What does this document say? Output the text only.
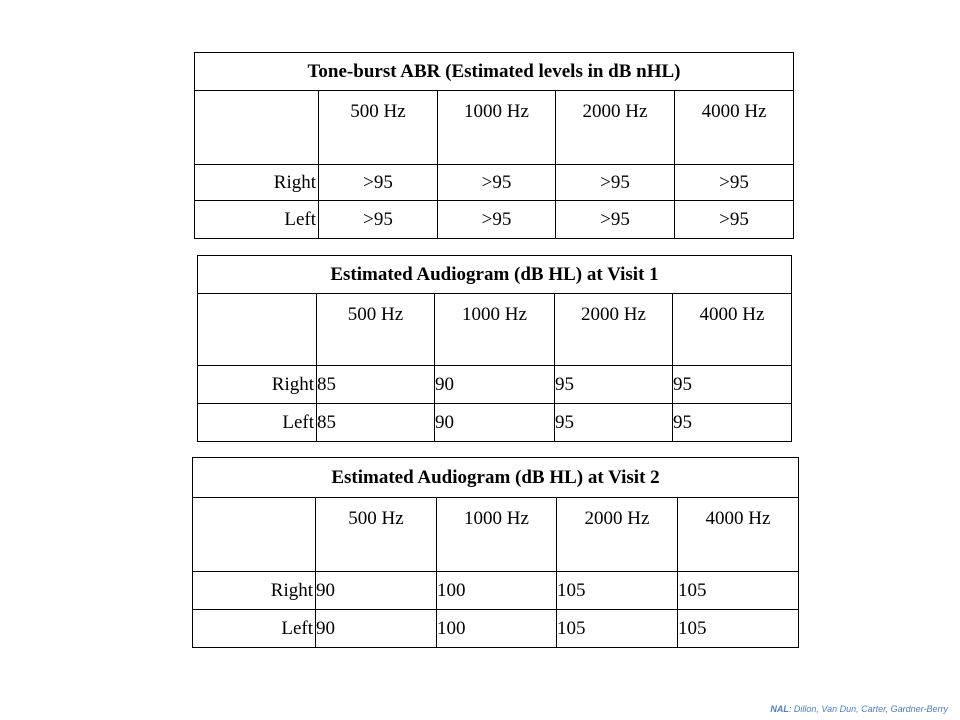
Tone-burst ABR (Estimated levels in dB nHL)				
	500 Hz	1000 Hz	2000 Hz	4000 Hz
Right	>95	>95	>95	>95
Left	>95	>95	>95	>95
Estimated Audiogram (dB HL) at Visit 1				
	500 Hz	1000 Hz	2000 Hz	4000 Hz
Right	85	90	95	95
Left	85	90	95	95
Estimated Audiogram (dB HL) at Visit 2				
	500 Hz	1000 Hz	2000 Hz	4000 Hz
Right	90	100	105	105
Left	90	100	105	105
NAL: Dillon, Van Dun, Carter, Gardner-Berry
